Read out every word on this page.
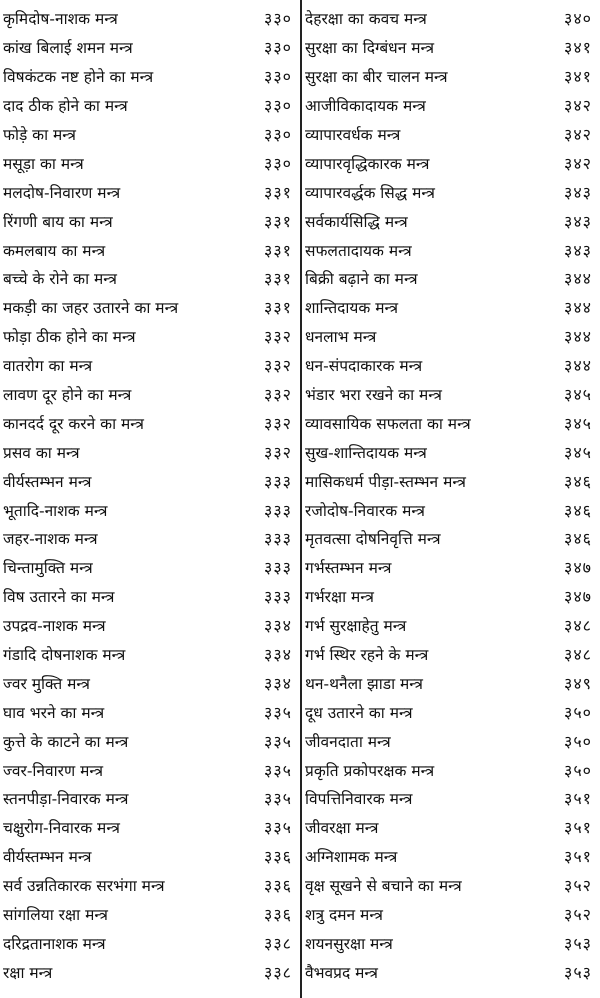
कृमिदोष-नाशक मन्त्र	३३०
कांख बिलाई शमन मन्त्र	३३०
विषकंटक नष्ट होने का मन्त्र	३३०
दाद ठीक होने का मन्त्र	३३०
फोड़े का मन्त्र	३३०
मसूड़ा का मन्त्र	३३०
मलदोष-निवारण मन्त्र	३३१
रिंगणी बाय का मन्त्र	३३१
कमलबाय का मन्त्र	३३१
बच्चे के रोने का मन्त्र	३३१
मकड़ी का जहर उतारने का मन्त्र	३३१
फोड़ा ठीक होने का मन्त्र	३३२
वातरोग का मन्त्र	३३२
लावण दूर होने का मन्त्र	३३२
कानदर्द दूर करने का मन्त्र	३३२
प्रसव का मन्त्र	३३२
वीर्यस्तम्भन मन्त्र	३३३
भूतादि-नाशक मन्त्र	३३३
जहर-नाशक मन्त्र	३३३
चिन्तामुक्ति मन्त्र	३३३
विष उतारने का मन्त्र	३३३
उपद्रव-नाशक मन्त्र	३३४
गंडादि दोषनाशक मन्त्र	३३४
ज्वर मुक्ति मन्त्र	३३४
घाव भरने का मन्त्र	३३५
कुत्ते के काटने का मन्त्र	३३५
ज्वर-निवारण मन्त्र	३३५
स्तनपीड़ा-निवारक मन्त्र	३३५
चक्षुरोग-निवारक मन्त्र	३३५
वीर्यस्तम्भन मन्त्र	३३६
सर्व उन्नतिकारक सरभंगा मन्त्र	३३६
सांगलिया रक्षा मन्त्र	३३६
दरिद्रतानाशक मन्त्र	३३८
रक्षा मन्त्र	३३८
देहरक्षा का कवच मन्त्र	३४०
सुरक्षा का दिग्बंधन मन्त्र	३४१
सुरक्षा का बीर चालन मन्त्र	३४१
आजीविकादायक मन्त्र	३४२
व्यापारवर्धक मन्त्र	३४२
व्यापारवृद्धिकारक मन्त्र	३४२
व्यापारवर्द्धक सिद्ध मन्त्र	३४३
सर्वकार्यसिद्धि मन्त्र	३४३
सफलतादायक मन्त्र	३४३
बिक्री बढ़ाने का मन्त्र	३४४
शान्तिदायक मन्त्र	३४४
धनलाभ मन्त्र	३४४
धन-संपदाकारक मन्त्र	३४४
भंडार भरा रखने का मन्त्र	३४५
व्यावसायिक सफलता का मन्त्र	३४५
सुख-शान्तिदायक मन्त्र	३४५
मासिकधर्म पीड़ा-स्तम्भन मन्त्र	३४६
रजोदोष-निवारक मन्त्र	३४६
मृतवत्सा दोषनिवृत्ति मन्त्र	३४६
गर्भस्तम्भन मन्त्र	३४७
गर्भरक्षा मन्त्र	३४७
गर्भ सुरक्षाहेतु मन्त्र	३४८
गर्भ स्थिर रहने के मन्त्र	३४८
थन-थनैला झाडा मन्त्र	३४९
दूध उतारने का मन्त्र	३५०
जीवनदाता मन्त्र	३५०
प्रकृति प्रकोपरक्षक मन्त्र	३५०
विपत्तिनिवारक मन्त्र	३५१
जीवरक्षा मन्त्र	३५१
अग्निशामक मन्त्र	३५१
वृक्ष सूखने से बचाने का मन्त्र	३५२
शत्रु दमन मन्त्र	३५२
शयनसुरक्षा मन्त्र	३५३
वैभवप्रद मन्त्र	३५३
